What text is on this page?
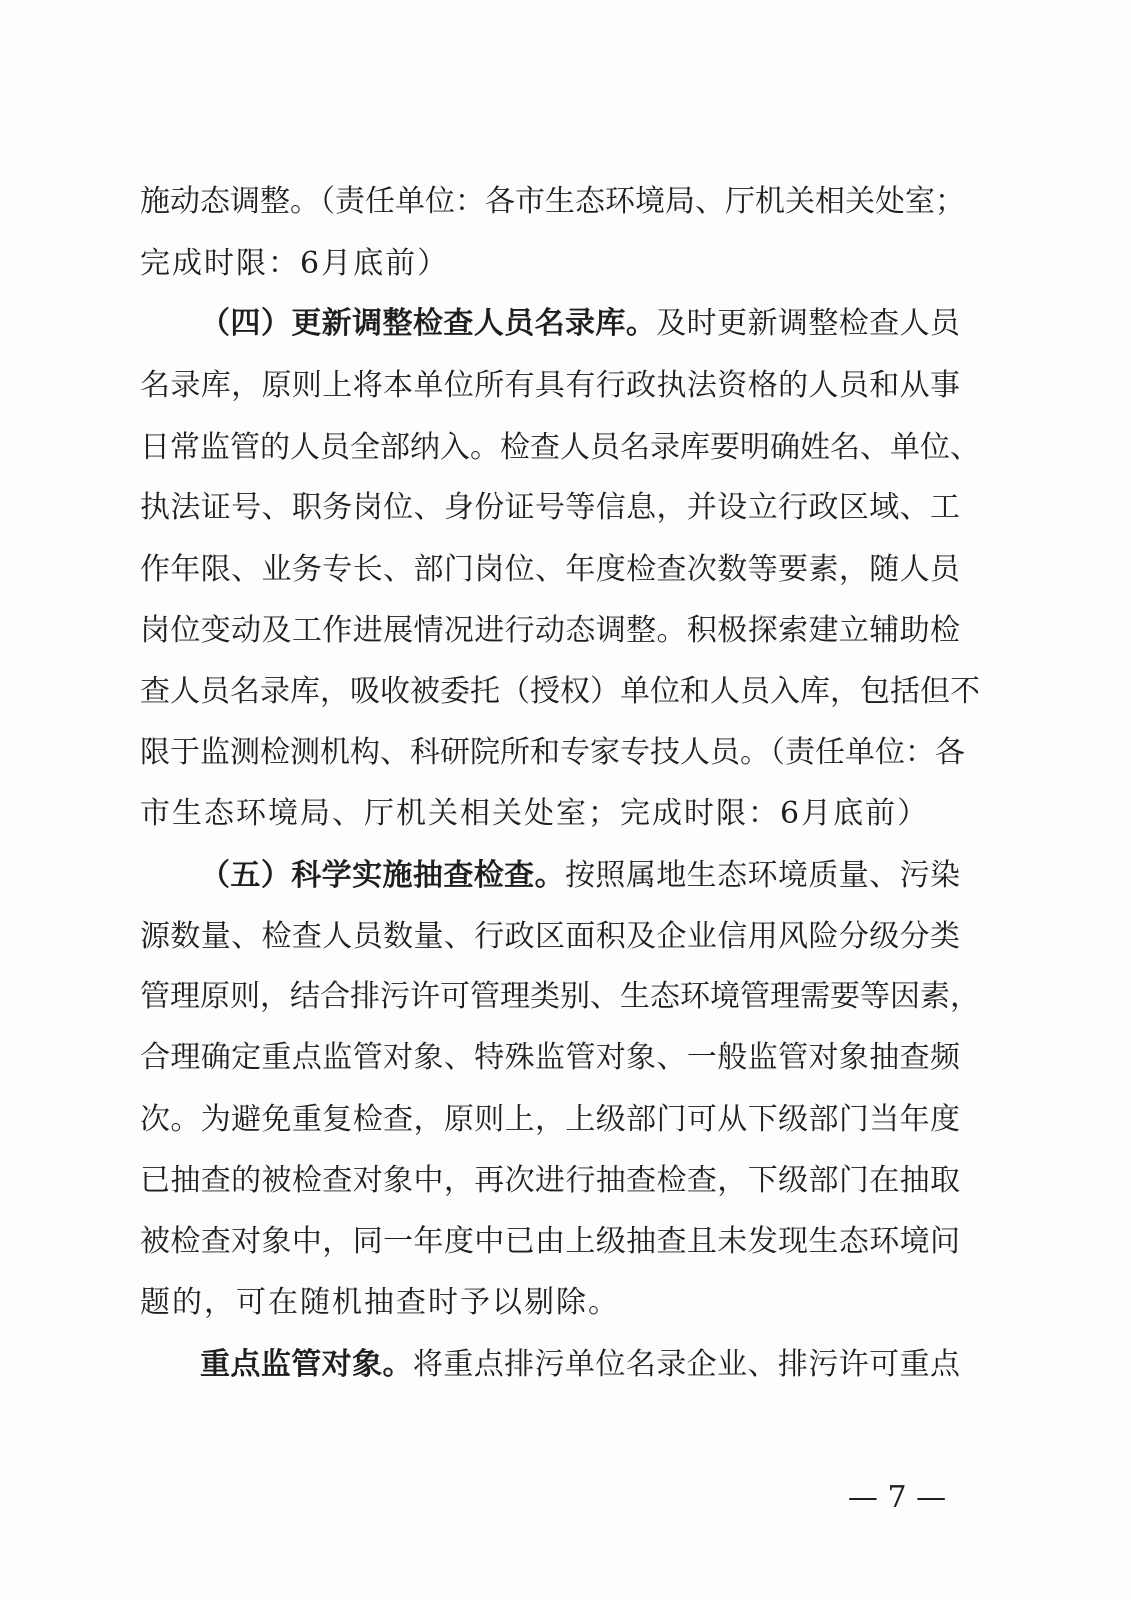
施动态调整。（责任单位：各市生态环境局、厅机关相关处室；
完成时限：6月底前）
（四）更新调整检查人员名录库。及时更新调整检查人员
名录库，原则上将本单位所有具有行政执法资格的人员和从事
日常监管的人员全部纳入。检查人员名录库要明确姓名、单位、
执法证号、职务岗位、身份证号等信息，并设立行政区域、工
作年限、业务专长、部门岗位、年度检查次数等要素，随人员
岗位变动及工作进展情况进行动态调整。积极探索建立辅助检
查人员名录库，吸收被委托（授权）单位和人员入库，包括但不
限于监测检测机构、科研院所和专家专技人员。（责任单位：各
市生态环境局、厅机关相关处室；完成时限：6月底前）
（五）科学实施抽查检查。按照属地生态环境质量、污染
源数量、检查人员数量、行政区面积及企业信用风险分级分类
管理原则，结合排污许可管理类别、生态环境管理需要等因素，
合理确定重点监管对象、特殊监管对象、一般监管对象抽查频
次。为避免重复检查，原则上，上级部门可从下级部门当年度
已抽查的被检查对象中，再次进行抽查检查，下级部门在抽取
被检查对象中，同一年度中已由上级抽查且未发现生态环境问
题的，可在随机抽查时予以剔除。
重点监管对象。将重点排污单位名录企业、排污许可重点
— 7 —
